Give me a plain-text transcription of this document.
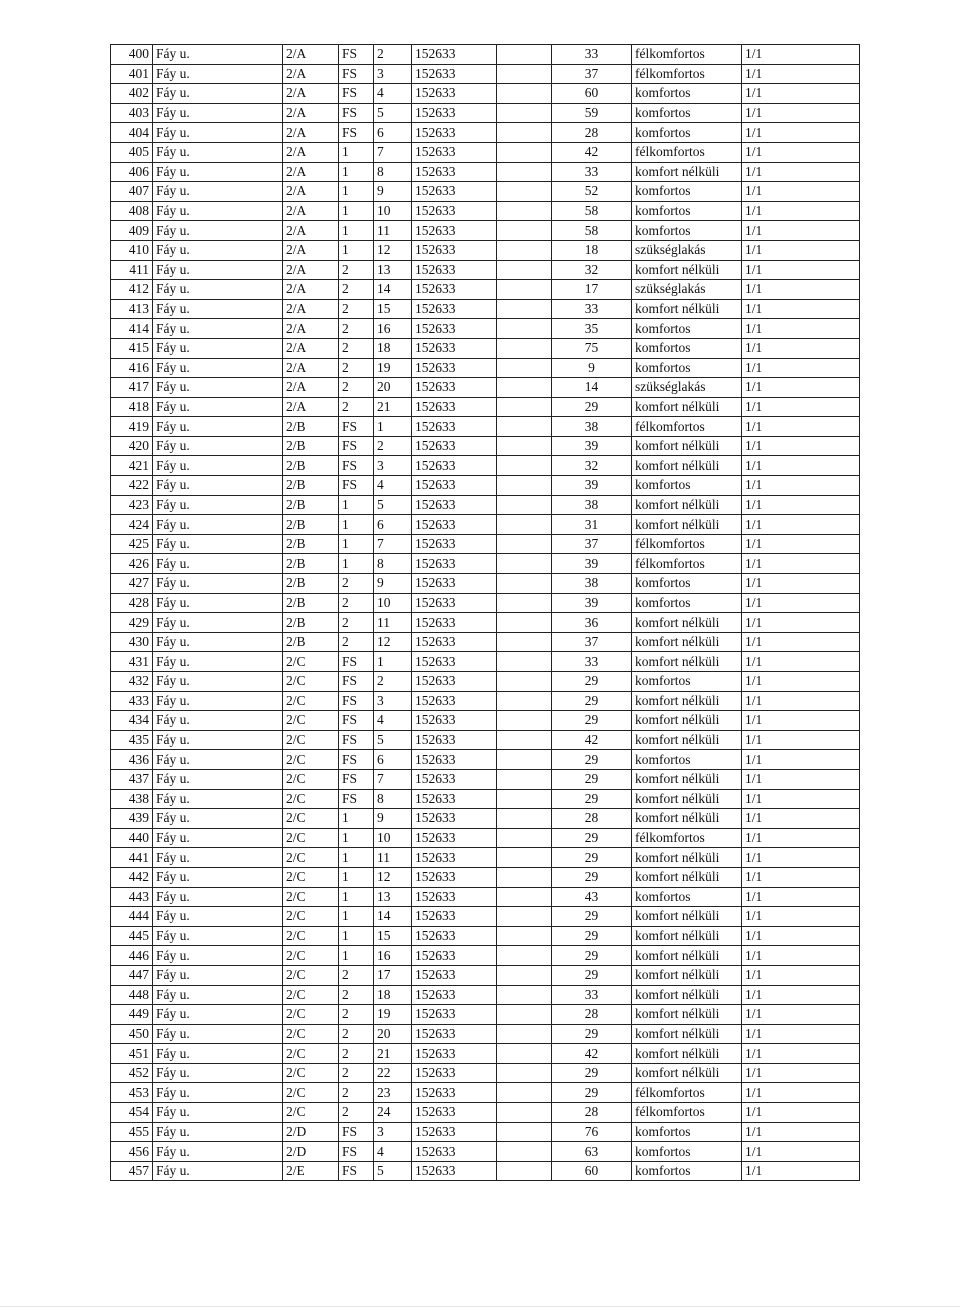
400	Fáy u.	2/A	FS	2	152633		33	félkomfortos	1/1
401	Fáy u.	2/A	FS	3	152633		37	félkomfortos	1/1
402	Fáy u.	2/A	FS	4	152633		60	komfortos	1/1
403	Fáy u.	2/A	FS	5	152633		59	komfortos	1/1
404	Fáy u.	2/A	FS	6	152633		28	komfortos	1/1
405	Fáy u.	2/A	1	7	152633		42	félkomfortos	1/1
406	Fáy u.	2/A	1	8	152633		33	komfort nélküli	1/1
407	Fáy u.	2/A	1	9	152633		52	komfortos	1/1
408	Fáy u.	2/A	1	10	152633		58	komfortos	1/1
409	Fáy u.	2/A	1	11	152633		58	komfortos	1/1
410	Fáy u.	2/A	1	12	152633		18	szükséglakás	1/1
411	Fáy u.	2/A	2	13	152633		32	komfort nélküli	1/1
412	Fáy u.	2/A	2	14	152633		17	szükséglakás	1/1
413	Fáy u.	2/A	2	15	152633		33	komfort nélküli	1/1
414	Fáy u.	2/A	2	16	152633		35	komfortos	1/1
415	Fáy u.	2/A	2	18	152633		75	komfortos	1/1
416	Fáy u.	2/A	2	19	152633		9	komfortos	1/1
417	Fáy u.	2/A	2	20	152633		14	szükséglakás	1/1
418	Fáy u.	2/A	2	21	152633		29	komfort nélküli	1/1
419	Fáy u.	2/B	FS	1	152633		38	félkomfortos	1/1
420	Fáy u.	2/B	FS	2	152633		39	komfort nélküli	1/1
421	Fáy u.	2/B	FS	3	152633		32	komfort nélküli	1/1
422	Fáy u.	2/B	FS	4	152633		39	komfortos	1/1
423	Fáy u.	2/B	1	5	152633		38	komfort nélküli	1/1
424	Fáy u.	2/B	1	6	152633		31	komfort nélküli	1/1
425	Fáy u.	2/B	1	7	152633		37	félkomfortos	1/1
426	Fáy u.	2/B	1	8	152633		39	félkomfortos	1/1
427	Fáy u.	2/B	2	9	152633		38	komfortos	1/1
428	Fáy u.	2/B	2	10	152633		39	komfortos	1/1
429	Fáy u.	2/B	2	11	152633		36	komfort nélküli	1/1
430	Fáy u.	2/B	2	12	152633		37	komfort nélküli	1/1
431	Fáy u.	2/C	FS	1	152633		33	komfort nélküli	1/1
432	Fáy u.	2/C	FS	2	152633		29	komfortos	1/1
433	Fáy u.	2/C	FS	3	152633		29	komfort nélküli	1/1
434	Fáy u.	2/C	FS	4	152633		29	komfort nélküli	1/1
435	Fáy u.	2/C	FS	5	152633		42	komfort nélküli	1/1
436	Fáy u.	2/C	FS	6	152633		29	komfortos	1/1
437	Fáy u.	2/C	FS	7	152633		29	komfort nélküli	1/1
438	Fáy u.	2/C	FS	8	152633		29	komfort nélküli	1/1
439	Fáy u.	2/C	1	9	152633		28	komfort nélküli	1/1
440	Fáy u.	2/C	1	10	152633		29	félkomfortos	1/1
441	Fáy u.	2/C	1	11	152633		29	komfort nélküli	1/1
442	Fáy u.	2/C	1	12	152633		29	komfort nélküli	1/1
443	Fáy u.	2/C	1	13	152633		43	komfortos	1/1
444	Fáy u.	2/C	1	14	152633		29	komfort nélküli	1/1
445	Fáy u.	2/C	1	15	152633		29	komfort nélküli	1/1
446	Fáy u.	2/C	1	16	152633		29	komfort nélküli	1/1
447	Fáy u.	2/C	2	17	152633		29	komfort nélküli	1/1
448	Fáy u.	2/C	2	18	152633		33	komfort nélküli	1/1
449	Fáy u.	2/C	2	19	152633		28	komfort nélküli	1/1
450	Fáy u.	2/C	2	20	152633		29	komfort nélküli	1/1
451	Fáy u.	2/C	2	21	152633		42	komfort nélküli	1/1
452	Fáy u.	2/C	2	22	152633		29	komfort nélküli	1/1
453	Fáy u.	2/C	2	23	152633		29	félkomfortos	1/1
454	Fáy u.	2/C	2	24	152633		28	félkomfortos	1/1
455	Fáy u.	2/D	FS	3	152633		76	komfortos	1/1
456	Fáy u.	2/D	FS	4	152633		63	komfortos	1/1
457	Fáy u.	2/E	FS	5	152633		60	komfortos	1/1
